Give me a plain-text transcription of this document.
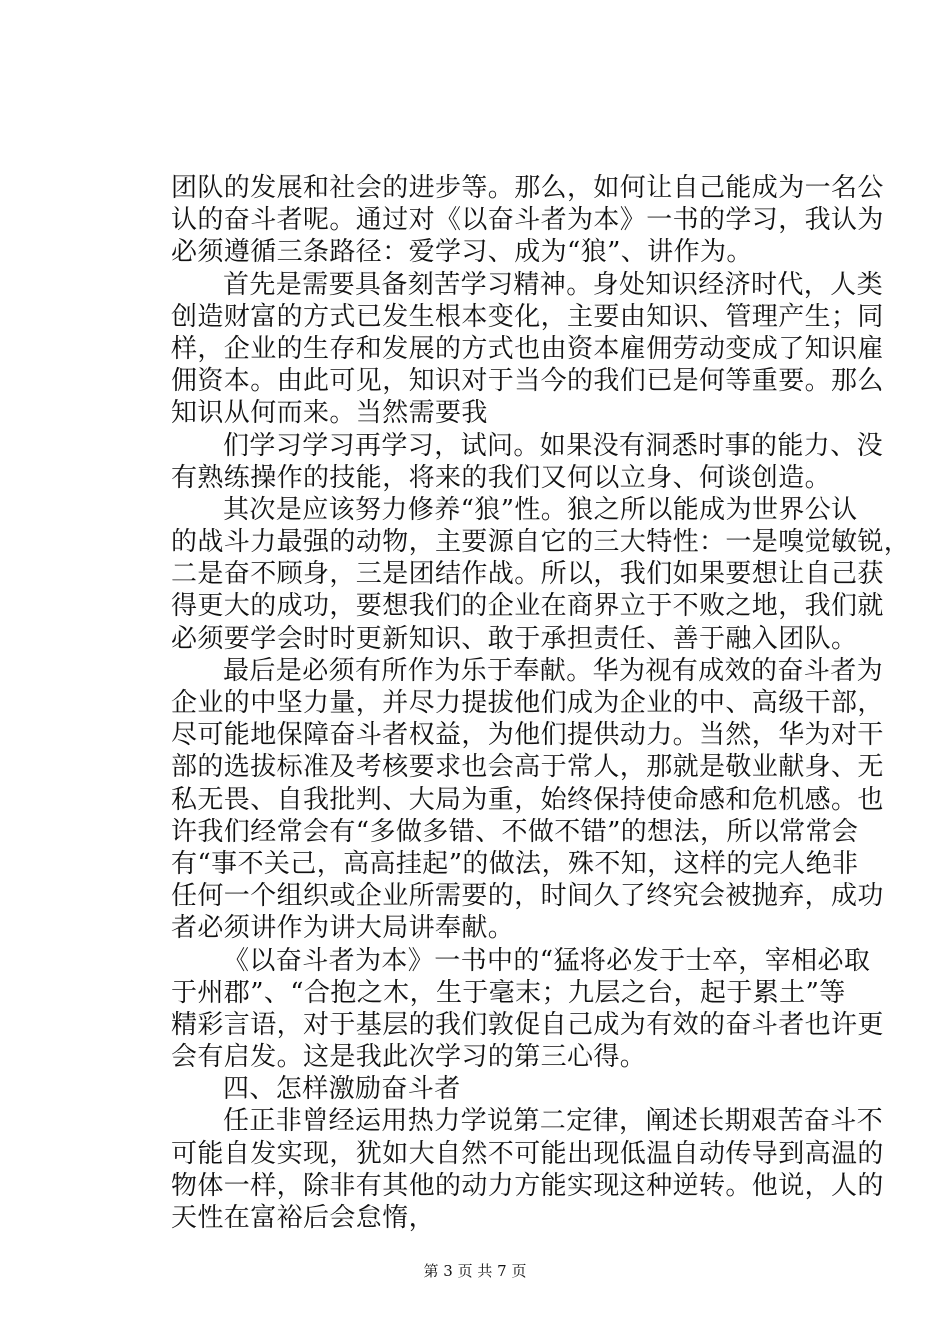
团队的发展和社会的进步等。那么，如何让自己能成为一名公
认的奋斗者呢。通过对《以奋斗者为本》一书的学习，我认为
必须遵循三条路径：爱学习、成为“狼”、讲作为。
首先是需要具备刻苦学习精神。身处知识经济时代，人类
创造财富的方式已发生根本变化，主要由知识、管理产生；同
样，企业的生存和发展的方式也由资本雇佣劳动变成了知识雇
佣资本。由此可见，知识对于当今的我们已是何等重要。那么
知识从何而来。当然需要我
们学习学习再学习，试问。如果没有洞悉时事的能力、没
有熟练操作的技能，将来的我们又何以立身、何谈创造。
其次是应该努力修养“狼”性。狼之所以能成为世界公认
的战斗力最强的动物，主要源自它的三大特性：一是嗅觉敏锐，
二是奋不顾身，三是团结作战。所以，我们如果要想让自己获
得更大的成功，要想我们的企业在商界立于不败之地，我们就
必须要学会时时更新知识、敢于承担责任、善于融入团队。
最后是必须有所作为乐于奉献。华为视有成效的奋斗者为
企业的中坚力量，并尽力提拔他们成为企业的中、高级干部，
尽可能地保障奋斗者权益，为他们提供动力。当然，华为对干
部的选拔标准及考核要求也会高于常人，那就是敬业献身、无
私无畏、自我批判、大局为重，始终保持使命感和危机感。也
许我们经常会有“多做多错、不做不错”的想法，所以常常会
有“事不关己，高高挂起”的做法，殊不知，这样的完人绝非
任何一个组织或企业所需要的，时间久了终究会被抛弃，成功
者必须讲作为讲大局讲奉献。
《以奋斗者为本》一书中的“猛将必发于士卒，宰相必取
于州郡”、“合抱之木，生于毫末；九层之台，起于累土”等
精彩言语，对于基层的我们敦促自己成为有效的奋斗者也许更
会有启发。这是我此次学习的第三心得。
四、怎样激励奋斗者
任正非曾经运用热力学说第二定律，阐述长期艰苦奋斗不
可能自发实现，犹如大自然不可能出现低温自动传导到高温的
物体一样，除非有其他的动力方能实现这种逆转。他说，人的
天性在富裕后会怠惰，
第 3 页 共 7 页
